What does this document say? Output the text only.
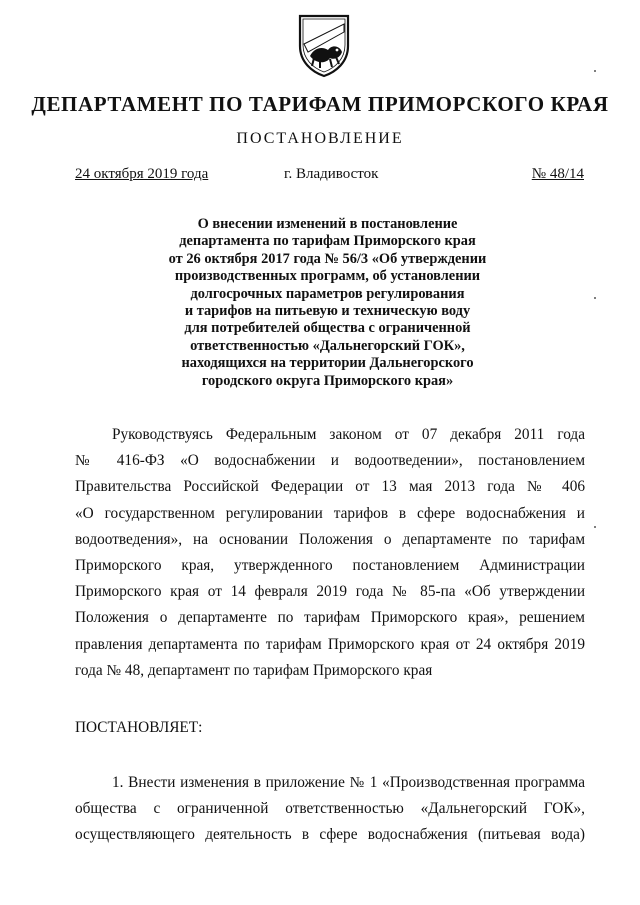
ДЕПАРТАМЕНТ ПО ТАРИФАМ ПРИМОРСКОГО КРАЯ
ПОСТАНОВЛЕНИЕ
24 октября 2019 года	г. Владивосток	№ 48/14
О внесении изменений в постановление
департамента по тарифам Приморского края
от 26 октября 2017 года № 56/3 «Об утверждении
производственных программ, об установлении
долгосрочных параметров регулирования
и тарифов на питьевую и техническую воду
для потребителей общества с ограниченной
ответственностью «Дальнегорский ГОК»,
находящихся на территории Дальнегорского
городского округа Приморского края»
Руководствуясь Федеральным законом от 07 декабря 2011 года
№ 416-ФЗ «О водоснабжении и водоотведении», постановлением
Правительства Российской Федерации от 13 мая 2013 года № 406
«О государственном регулировании тарифов в сфере водоснабжения и
водоотведения», на основании Положения о департаменте по тарифам
Приморского края, утвержденного постановлением Администрации
Приморского края от 14 февраля 2019 года № 85-па «Об утверждении
Положения о департаменте по тарифам Приморского края», решением
правления департамента по тарифам Приморского края от 24 октября 2019
года № 48, департамент по тарифам Приморского края
ПОСТАНОВЛЯЕТ:
1. Внести изменения в приложение № 1 «Производственная программа
общества с ограниченной ответственностью «Дальнегорский ГОК»,
осуществляющего деятельность в сфере водоснабжения (питьевая вода)
